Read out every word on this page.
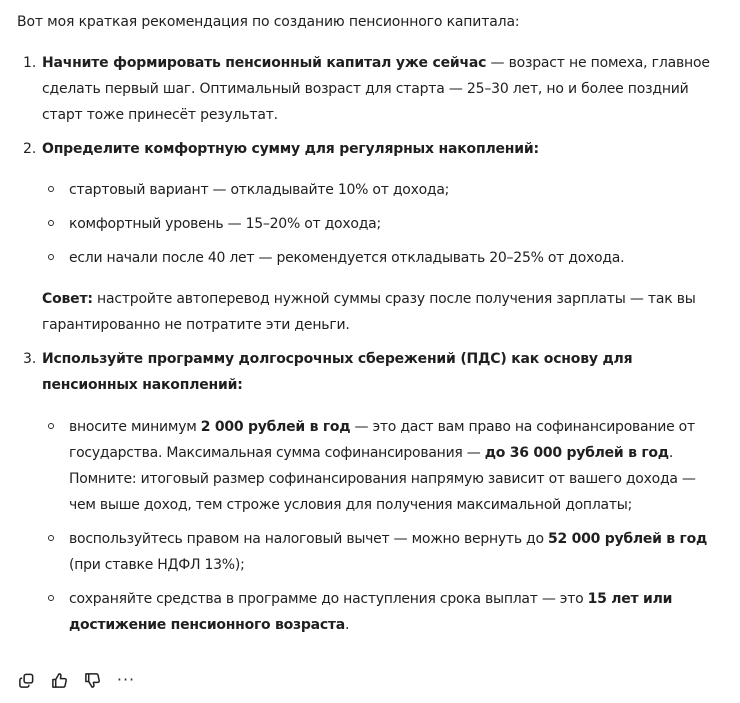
Вот моя краткая рекомендация по созданию пенсионного капитала:
1. Начните формировать пенсионный капитал уже сейчас — возраст не помеха, главное сделать первый шаг. Оптимальный возраст для старта — 25–30 лет, но и более поздний старт тоже принесёт результат.
2. Определите комфортную сумму для регулярных накоплений:
стартовый вариант — откладывайте 10% от дохода;
комфортный уровень — 15–20% от дохода;
если начали после 40 лет — рекомендуется откладывать 20–25% от дохода.
Совет: настройте автоперевод нужной суммы сразу после получения зарплаты — так вы гарантированно не потратите эти деньги.
3. Используйте программу долгосрочных сбережений (ПДС) как основу для пенсионных накоплений:
вносите минимум 2 000 рублей в год — это даст вам право на софинансирование от государства. Максимальная сумма софинансирования — до 36 000 рублей в год. Помните: итоговый размер софинансирования напрямую зависит от вашего дохода — чем выше доход, тем строже условия для получения максимальной доплаты;
воспользуйтесь правом на налоговый вычет — можно вернуть до 52 000 рублей в год (при ставке НДФЛ 13%);
сохраняйте средства в программе до наступления срока выплат — это 15 лет или достижение пенсионного возраста.
···
